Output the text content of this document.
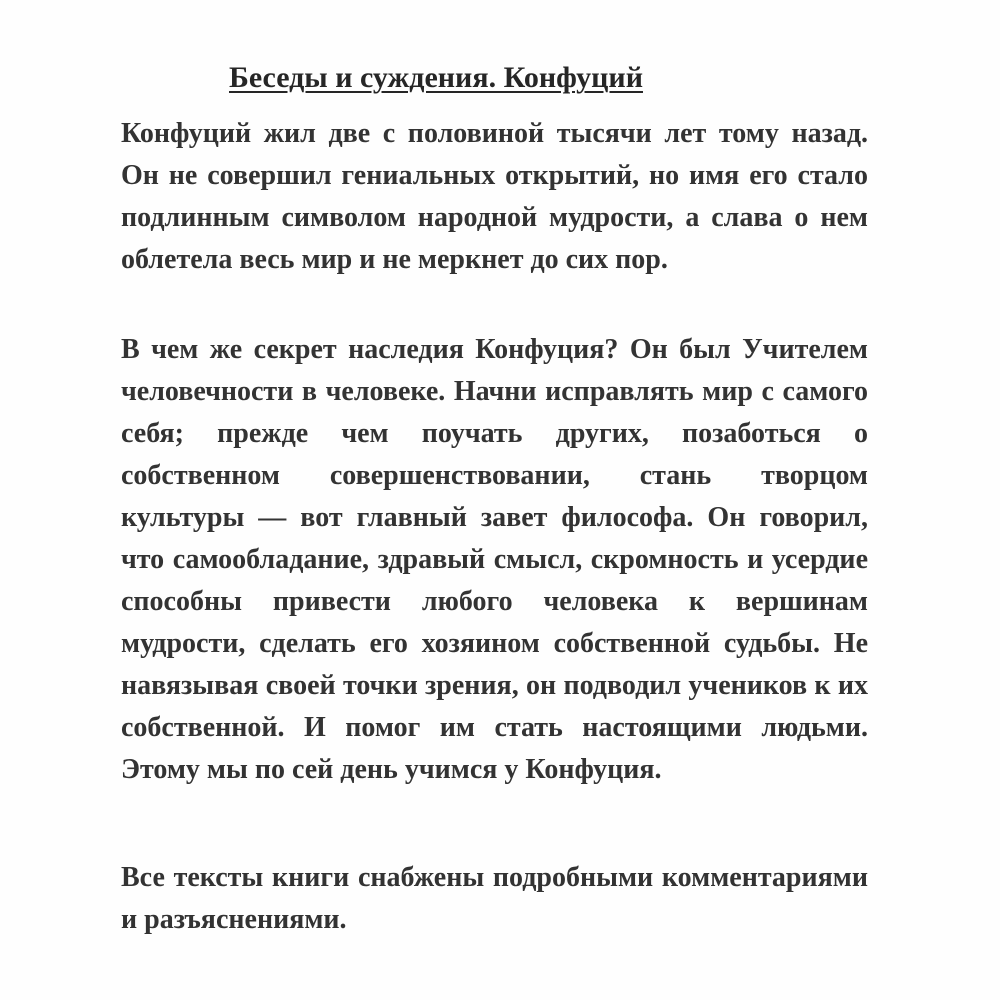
Беседы и суждения. Конфуций

Конфуций жил две с половиной тысячи лет тому назад. Он не совершил гениальных открытий, но имя его стало подлинным символом народной мудрости, а слава о нем облетела весь мир и не меркнет до сих пор.

В чем же секрет наследия Конфуция? Он был Учителем человечности в человеке. Начни исправлять мир с самого себя; прежде чем поучать других, позаботься о собственном совершенствовании, стань творцом культуры — вот главный завет философа. Он говорил, что самообладание, здравый смысл, скромность и усердие способны привести любого человека к вершинам мудрости, сделать его хозяином собственной судьбы. Не навязывая своей точки зрения, он подводил учеников к их собственной. И помог им стать настоящими людьми. Этому мы по сей день учимся у Конфуция.

Все тексты книги снабжены подробными комментариями и разъяснениями.
